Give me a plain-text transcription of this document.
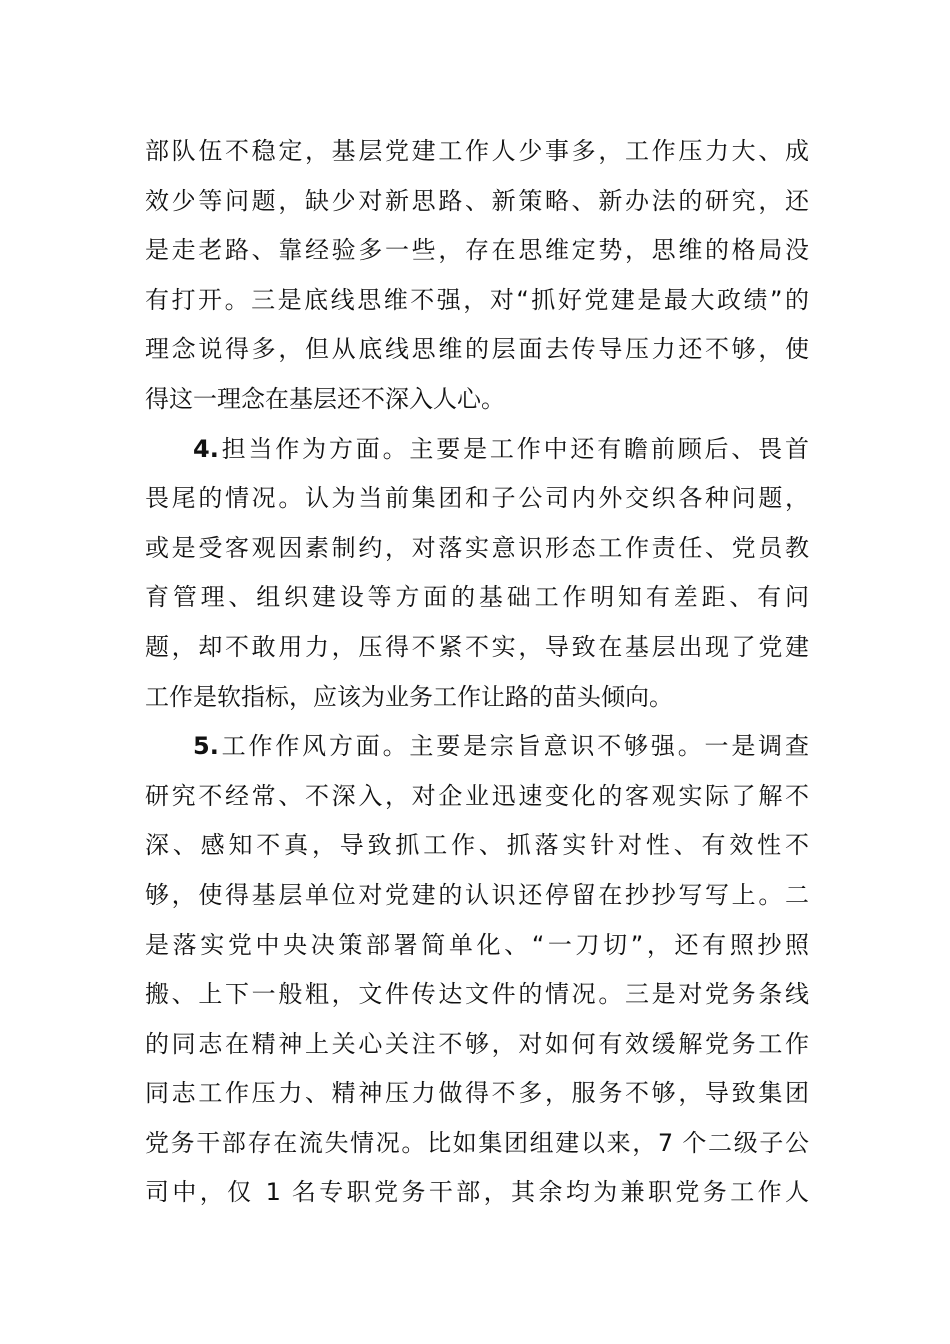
部队伍不稳定，基层党建工作人少事多，工作压力大、成
效少等问题，缺少对新思路、新策略、新办法的研究，还
是走老路、靠经验多一些，存在思维定势，思维的格局没
有打开。三是底线思维不强，对“抓好党建是最大政绩”的
理念说得多，但从底线思维的层面去传导压力还不够，使
得这一理念在基层还不深入人心。
4.担当作为方面。主要是工作中还有瞻前顾后、畏首
畏尾的情况。认为当前集团和子公司内外交织各种问题，
或是受客观因素制约，对落实意识形态工作责任、党员教
育管理、组织建设等方面的基础工作明知有差距、有问
题，却不敢用力，压得不紧不实，导致在基层出现了党建
工作是软指标，应该为业务工作让路的苗头倾向。
5.工作作风方面。主要是宗旨意识不够强。一是调查
研究不经常、不深入，对企业迅速变化的客观实际了解不
深、感知不真，导致抓工作、抓落实针对性、有效性不
够，使得基层单位对党建的认识还停留在抄抄写写上。二
是落实党中央决策部署简单化、“一刀切”，还有照抄照
搬、上下一般粗，文件传达文件的情况。三是对党务条线
的同志在精神上关心关注不够，对如何有效缓解党务工作
同志工作压力、精神压力做得不多，服务不够，导致集团
党务干部存在流失情况。比如集团组建以来，7 个二级子公
司中，仅 1 名专职党务干部，其余均为兼职党务工作人
